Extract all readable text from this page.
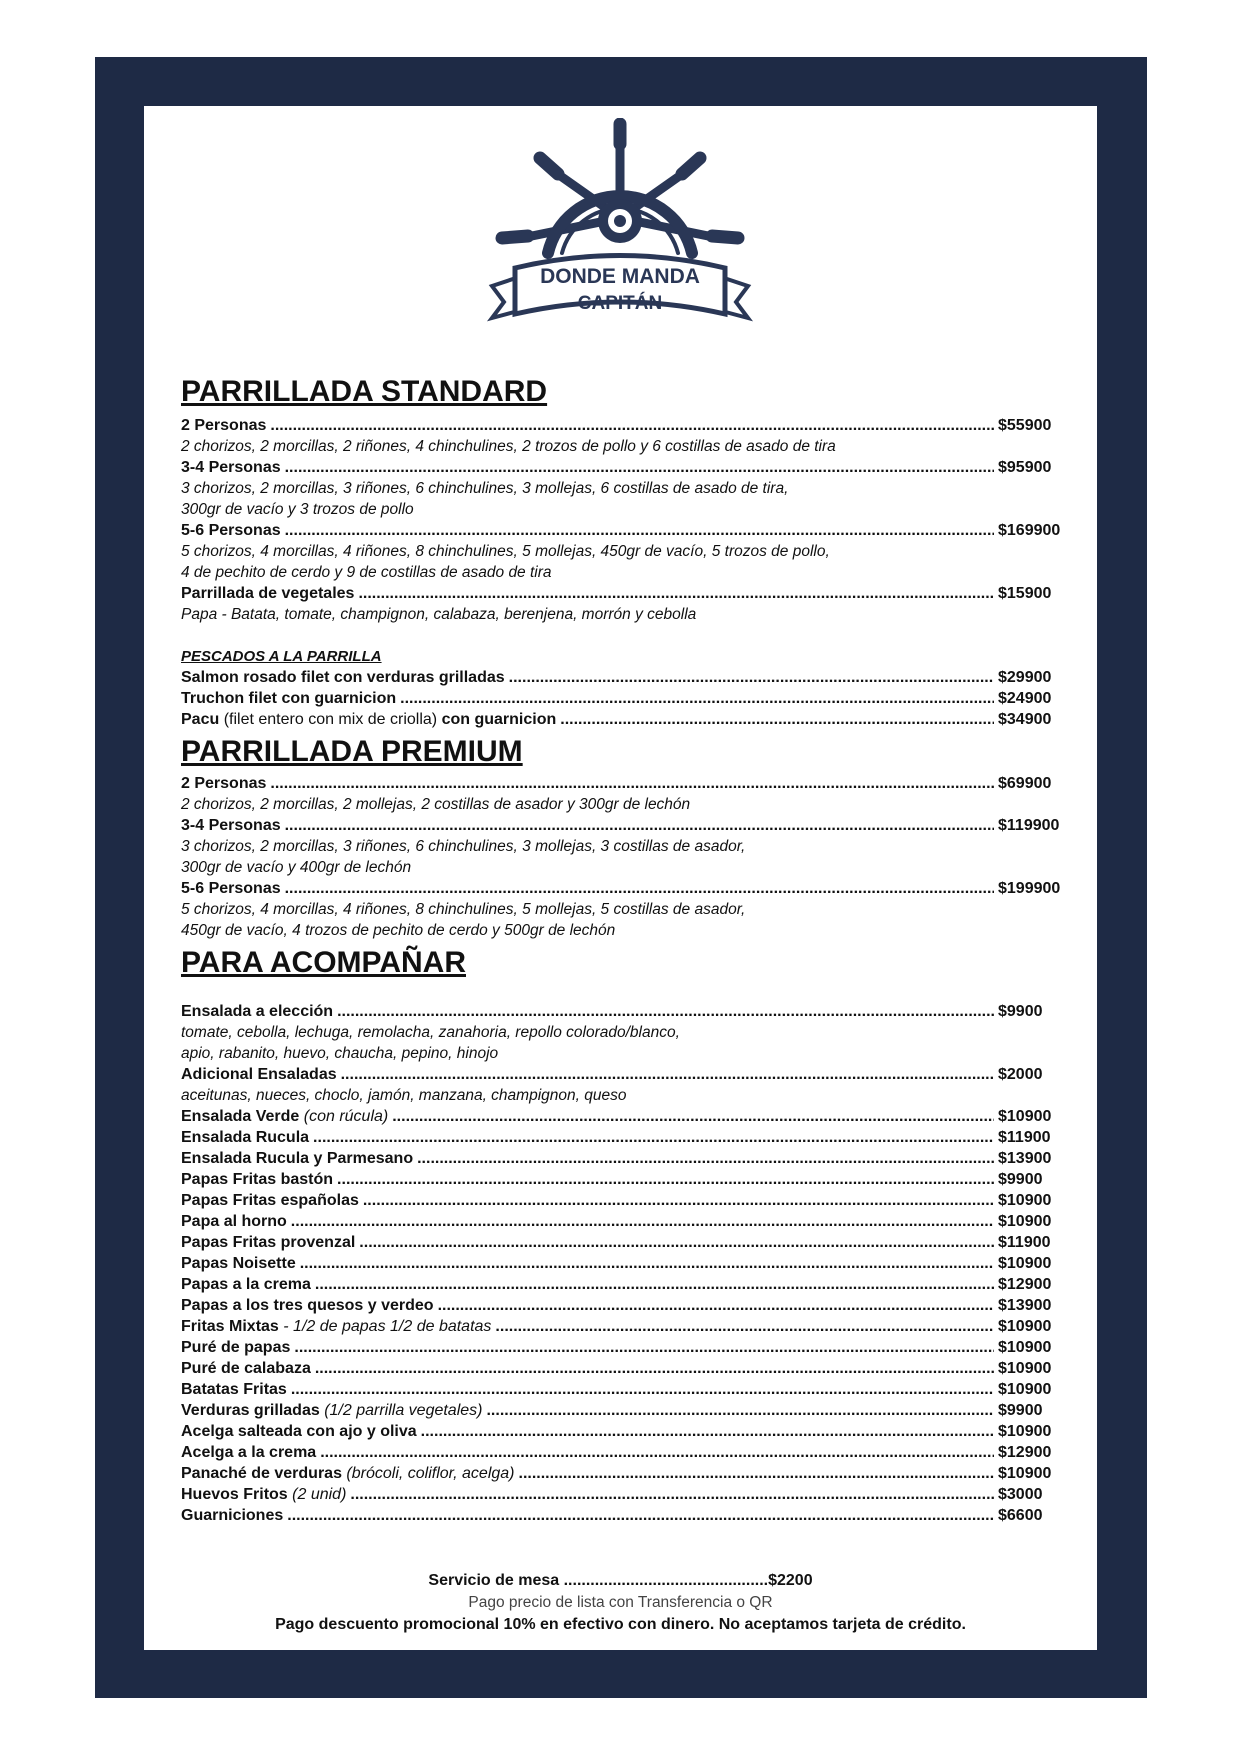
DONDE MANDA
CAPITÁN
PARRILLADA STANDARD
2 Personas .....	$55900
2 chorizos, 2 morcillas, 2 riñones, 4 chinchulines, 2 trozos de pollo y 6 costillas de asado de tira
3-4 Personas .....	$95900
3 chorizos, 2 morcillas, 3 riñones, 6 chinchulines, 3 mollejas, 6 costillas de asado de tira,
300gr de vacío y 3 trozos de pollo
5-6 Personas .....	$169900
5 chorizos, 4 morcillas, 4 riñones, 8 chinchulines, 5 mollejas, 450gr de vacío, 5 trozos de pollo,
4 de pechito de cerdo y 9 de costillas de asado de tira
Parrillada de vegetales .....	$15900
Papa - Batata, tomate, champignon, calabaza, berenjena, morrón y cebolla
PESCADOS A LA PARRILLA
Salmon rosado filet con verduras grilladas .....	$29900
Truchon filet con guarnicion .....	$24900
Pacu (filet entero con mix de criolla) con guarnicion .....	$34900
PARRILLADA PREMIUM
2 Personas .....	$69900
2 chorizos, 2 morcillas, 2 mollejas, 2 costillas de asador y 300gr de lechón
3-4 Personas .....	$119900
3 chorizos, 2 morcillas, 3 riñones, 6 chinchulines, 3 mollejas, 3 costillas de asador,
300gr de vacío y 400gr de lechón
5-6 Personas .....	$199900
5 chorizos, 4 morcillas, 4 riñones, 8 chinchulines, 5 mollejas, 5 costillas de asador,
450gr de vacío, 4 trozos de pechito de cerdo y 500gr de lechón
PARA ACOMPAÑAR
Ensalada a elección .....	$9900
tomate, cebolla, lechuga, remolacha, zanahoria, repollo colorado/blanco,
apio, rabanito, huevo, chaucha, pepino, hinojo
Adicional Ensaladas .....	$2000
aceitunas, nueces, choclo, jamón, manzana, champignon, queso
Ensalada Verde (con rúcula) .....	$10900
Ensalada Rucula .....	$11900
Ensalada Rucula y Parmesano .....	$13900
Papas Fritas bastón .....	$9900
Papas Fritas españolas .....	$10900
Papa al horno .....	$10900
Papas Fritas provenzal .....	$11900
Papas Noisette .....	$10900
Papas a la crema .....	$12900
Papas a los tres quesos y verdeo .....	$13900
Fritas Mixtas - 1/2 de papas 1/2 de batatas .....	$10900
Puré de papas .....	$10900
Puré de calabaza .....	$10900
Batatas Fritas .....	$10900
Verduras grilladas (1/2 parrilla vegetales) .....	$9900
Acelga salteada con ajo y oliva .....	$10900
Acelga a la crema .....	$12900
Panaché de verduras (brócoli, coliflor, acelga) .....	$10900
Huevos Fritos (2 unid) .....	$3000
Guarniciones .....	$6600
Servicio de mesa ..............................................$2200
Pago precio de lista con Transferencia o QR
Pago descuento promocional 10% en efectivo con dinero. No aceptamos tarjeta de crédito.
